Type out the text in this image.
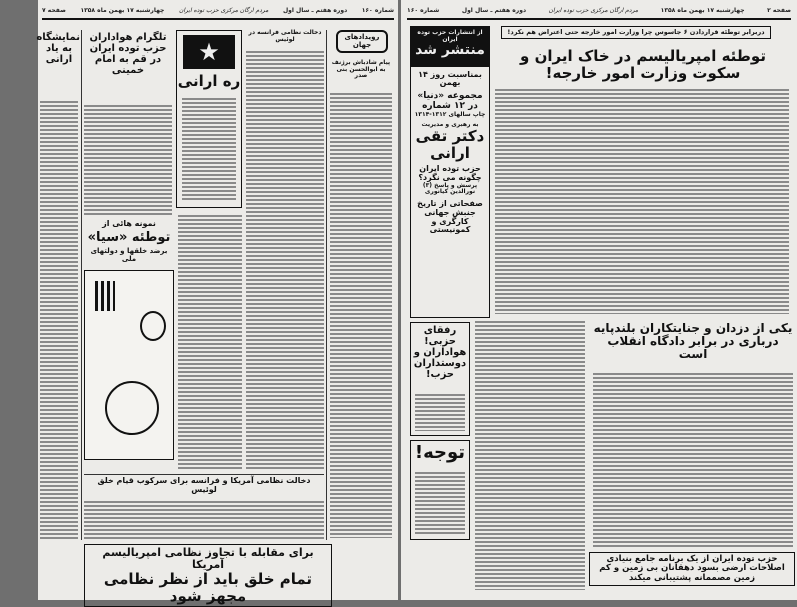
شماره ۱۶۰
دوره هفتم ـ سال اول
مردم ارگان مرکزی حزب توده ایران
چهارشنبه ۱۷ بهمن ماه ۱۳۵۸
صفحه ۷
رویدادهای جهان
پیام شادباش برژنف به ابوالحسن بنی صدر
دخالت نظامی فرانسه در لوئیس
★
ره ارانی
تلگرام هواداران حزب توده ایران در قم به امام خمینی
نمایشگاه به یاد ارانی
نمونه هائی از
توطئه «سیا»
برضد خلقها و دولتهای ملی
دخالت نظامی آمریکا و فرانسه برای سرکوب قیام خلق لوئیس
برای مقابله با تجاوز نظامی امپریالیسم آمریکا
تمام خلق باید از نظر نظامی مجهز شود
صفحه ۲
چهارشنبه ۱۷ بهمن ماه ۱۳۵۸
مردم ارگان مرکزی حزب توده ایران
دوره هفتم ـ سال اول
شماره ۱۶۰
دربرابر توطئه قراردادن ۶ جاسوس چرا وزارت امور خارجه حتی اعتراض هم نکرد!
توطئه امپریالیسم در خاک ایران و سکوت وزارت امور خارجه!
از انتشارات حزب توده ایران
منتشر شد
بمناسبت روز ۱۴ بهمن
مجموعه «دنیا» در ۱۲ شماره
چاپ سالهای ۱۳۱۲-۱۳۱۴
به رهبری و مدیریت
دکتر تقی ارانی
حزب توده ایران چگونه می نگرد؟
پرسش و پاسخ (۳)
نورالدین کیانوری
صفحاتی از تاریخ جنبش جهانی کارگری و کمونیستی
رفقای حزبی! هواداران و دوستداران حزب!
توجه!
یکی از دزدان و جنایتکاران بلندپایه درباری در برابر دادگاه انقلاب است
حزب توده ایران از یک برنامه جامع بنیادی اصلاحات ارضی بسود دهقانان بی زمین و کم زمین مصممانه پشتیبانی میکند
